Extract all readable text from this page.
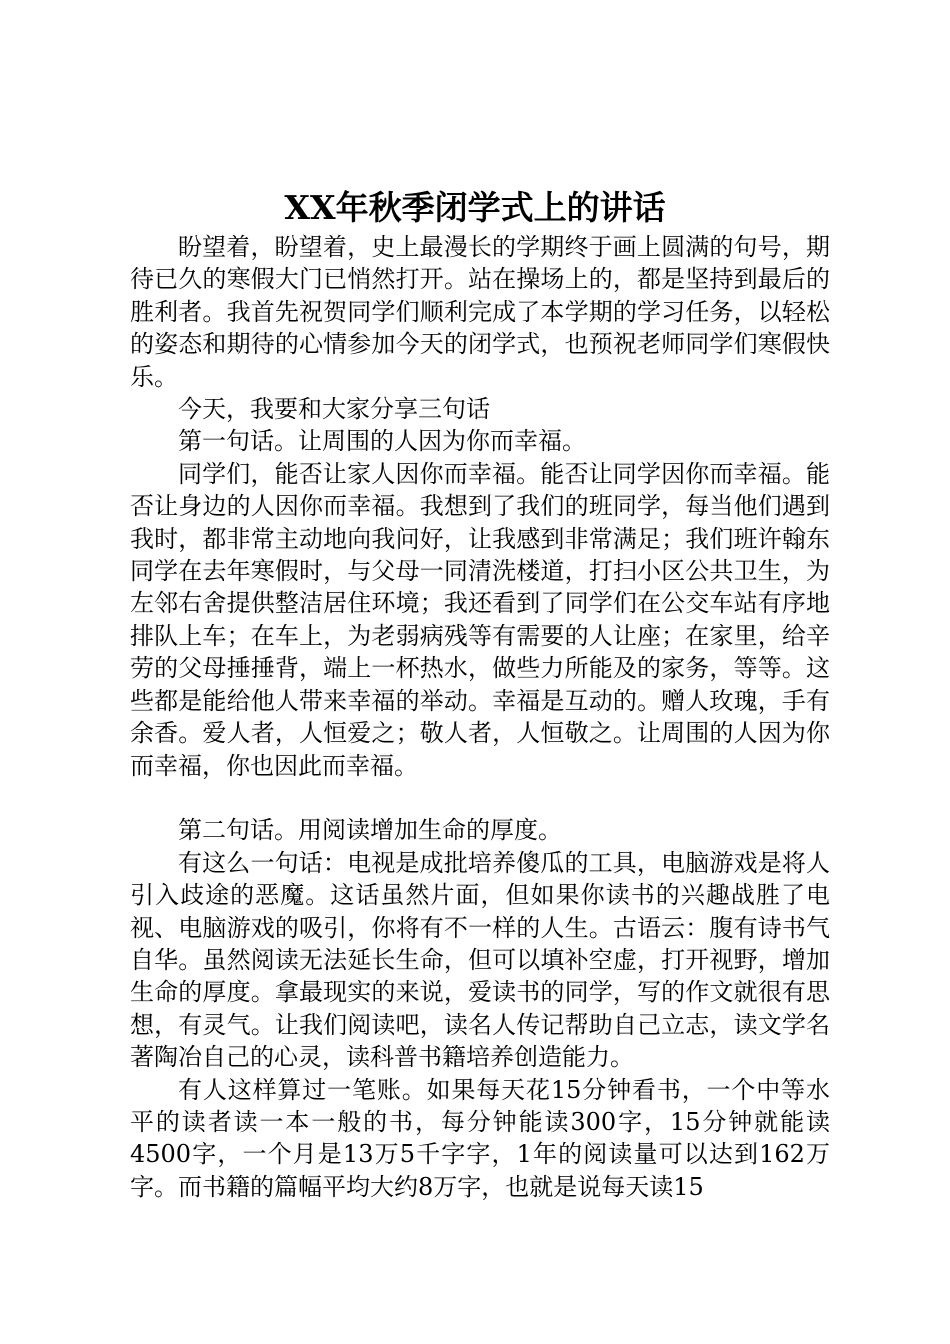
XX年秋季闭学式上的讲话

盼望着，盼望着，史上最漫长的学期终于画上圆满的句号，期待已久的寒假大门已悄然打开。站在操场上的，都是坚持到最后的胜利者。我首先祝贺同学们顺利完成了本学期的学习任务，以轻松的姿态和期待的心情参加今天的闭学式，也预祝老师同学们寒假快乐。

今天，我要和大家分享三句话

第一句话。让周围的人因为你而幸福。

同学们，能否让家人因你而幸福。能否让同学因你而幸福。能否让身边的人因你而幸福。我想到了我们的班同学，每当他们遇到我时，都非常主动地向我问好，让我感到非常满足；我们班许翰东同学在去年寒假时，与父母一同清洗楼道，打扫小区公共卫生，为左邻右舍提供整洁居住环境；我还看到了同学们在公交车站有序地排队上车；在车上，为老弱病残等有需要的人让座；在家里，给辛劳的父母捶捶背，端上一杯热水，做些力所能及的家务，等等。这些都是能给他人带来幸福的举动。幸福是互动的。赠人玫瑰，手有余香。爱人者，人恒爱之；敬人者，人恒敬之。让周围的人因为你而幸福，你也因此而幸福。

第二句话。用阅读增加生命的厚度。

有这么一句话：电视是成批培养傻瓜的工具，电脑游戏是将人引入歧途的恶魔。这话虽然片面，但如果你读书的兴趣战胜了电视、电脑游戏的吸引，你将有不一样的人生。古语云：腹有诗书气自华。虽然阅读无法延长生命，但可以填补空虚，打开视野，增加生命的厚度。拿最现实的来说，爱读书的同学，写的作文就很有思想，有灵气。让我们阅读吧，读名人传记帮助自己立志，读文学名著陶冶自己的心灵，读科普书籍培养创造能力。

有人这样算过一笔账。如果每天花15分钟看书，一个中等水平的读者读一本一般的书，每分钟能读300字，15分钟就能读4500字，一个月是13万5千字字，1年的阅读量可以达到162万字。而书籍的篇幅平均大约8万字，也就是说每天读15
